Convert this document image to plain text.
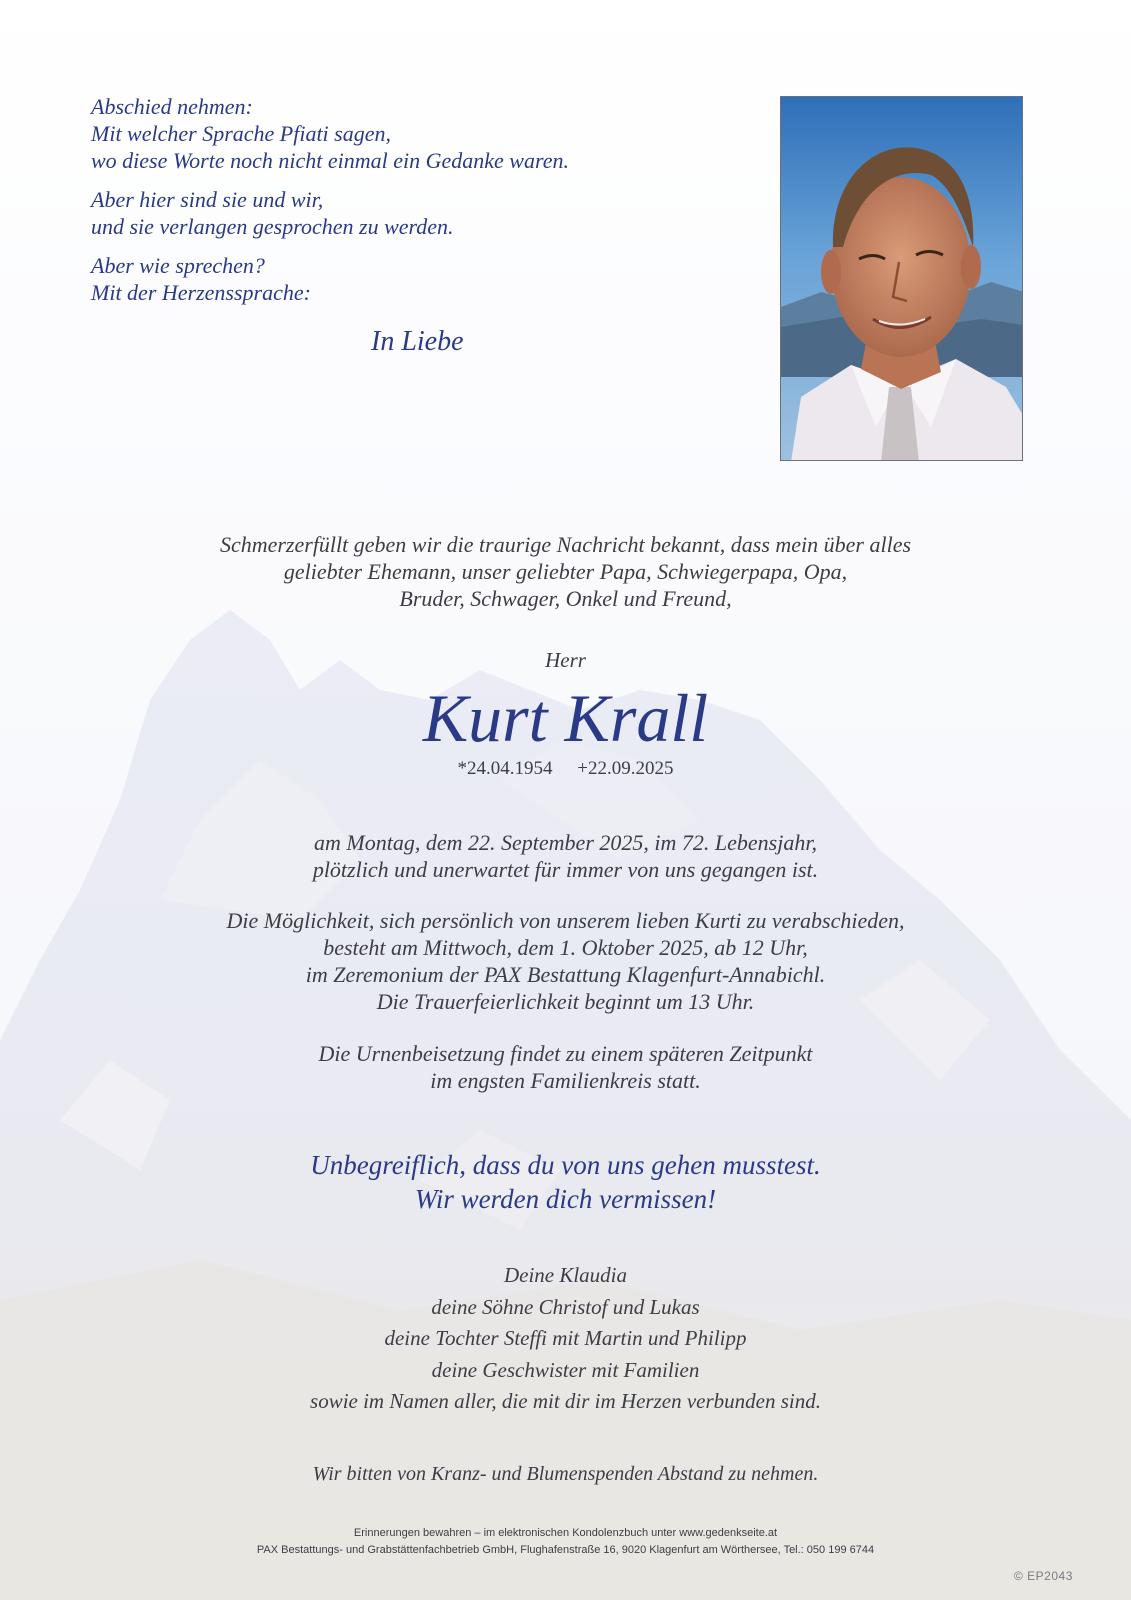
Abschied nehmen:
Mit welcher Sprache Pfiati sagen,
wo diese Worte noch nicht einmal ein Gedanke waren.

Aber hier sind sie und wir,
und sie verlangen gesprochen zu werden.

Aber wie sprechen?
Mit der Herzenssprache:

In Liebe
Schmerzerfüllt geben wir die traurige Nachricht bekannt, dass mein über alles
geliebter Ehemann, unser geliebter Papa, Schwiegerpapa, Opa,
Bruder, Schwager, Onkel und Freund,
Herr
Kurt Krall
*24.04.1954 +22.09.2025
am Montag, dem 22. September 2025, im 72. Lebensjahr,
plötzlich und unerwartet für immer von uns gegangen ist.
Die Möglichkeit, sich persönlich von unserem lieben Kurti zu verabschieden,
besteht am Mittwoch, dem 1. Oktober 2025, ab 12 Uhr,
im Zeremonium der PAX Bestattung Klagenfurt-Annabichl.
Die Trauerfeierlichkeit beginnt um 13 Uhr.
Die Urnenbeisetzung findet zu einem späteren Zeitpunkt
im engsten Familienkreis statt.
Unbegreiflich, dass du von uns gehen musstest.
Wir werden dich vermissen!
Deine Klaudia
deine Söhne Christof und Lukas
deine Tochter Steffi mit Martin und Philipp
deine Geschwister mit Familien
sowie im Namen aller, die mit dir im Herzen verbunden sind.
Wir bitten von Kranz- und Blumenspenden Abstand zu nehmen.
Erinnerungen bewahren – im elektronischen Kondolenzbuch unter www.gedenkseite.at
PAX Bestattungs- und Grabstättenfachbetrieb GmbH, Flughafenstraße 16, 9020 Klagenfurt am Wörthersee, Tel.: 050 199 6744
© EP2043
